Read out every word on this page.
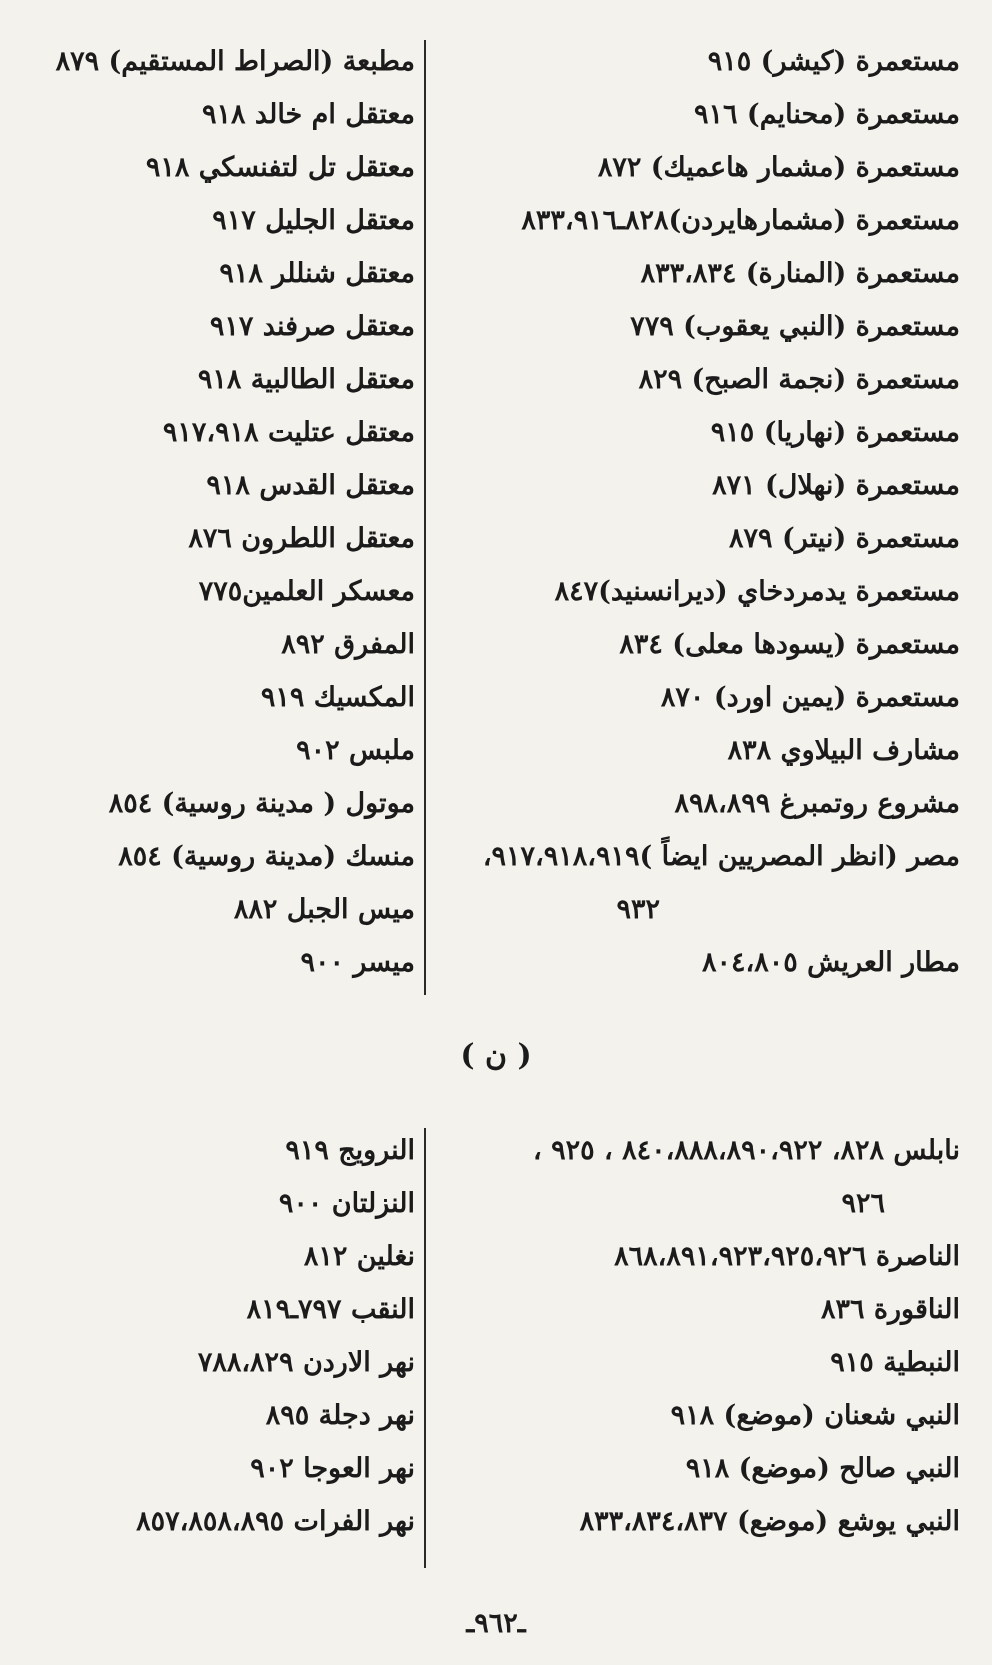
مستعمرة (كيشر) ٩١٥
مستعمرة (محنايم) ٩١٦
مستعمرة (مشمار هاعميك) ٨٧٢
مستعمرة (مشمارهايردن)٨٢٨ـ٨٣٣،٩١٦
مستعمرة (المنارة) ٨٣٣،٨٣٤
مستعمرة (النبي يعقوب) ٧٧٩
مستعمرة (نجمة الصبح) ٨٢٩
مستعمرة (نهاريا) ٩١٥
مستعمرة (نهلال) ٨٧١
مستعمرة (نيتر) ٨٧٩
مستعمرة يدمردخاي (ديرانسنيد)٨٤٧
مستعمرة (يسودها معلى) ٨٣٤
مستعمرة (يمين اورد) ٨٧٠
مشارف البيلاوي ٨٣٨
مشروع روتمبرغ ٨٩٨،٨٩٩
مصر (انظر المصريين ايضاً )٩١٧،٩١٨،٩١٩،
٩٣٢
مطار العريش ٨٠٤،٨٠٥
مطبعة (الصراط المستقيم) ٨٧٩
معتقل ام خالد ٩١٨
معتقل تل لتفنسكي ٩١٨
معتقل الجليل ٩١٧
معتقل شنللر ٩١٨
معتقل صرفند ٩١٧
معتقل الطالبية ٩١٨
معتقل عتليت ٩١٧،٩١٨
معتقل القدس ٩١٨
معتقل اللطرون ٨٧٦
معسكر العلمين٧٧٥
المفرق ٨٩٢
المكسيك ٩١٩
ملبس ٩٠٢
موتول ( مدينة روسية) ٨٥٤
منسك (مدينة روسية) ٨٥٤
ميس الجبل ٨٨٢
ميسر ٩٠٠
( ن )
نابلس ٨٢٨، ٨٤٠،٨٨٨،٨٩٠،٩٢٢ ، ٩٢٥ ،
٩٢٦
الناصرة ٨٦٨،٨٩١،٩٢٣،٩٢٥،٩٢٦
الناقورة ٨٣٦
النبطية ٩١٥
النبي شعنان (موضع) ٩١٨
النبي صالح (موضع) ٩١٨
النبي يوشع (موضع) ٨٣٣،٨٣٤،٨٣٧
النرويج ٩١٩
النزلتان ٩٠٠
نغلين ٨١٢
النقب ٧٩٧ـ٨١٩
نهر الاردن ٧٨٨،٨٢٩
نهر دجلة ٨٩٥
نهر العوجا ٩٠٢
نهر الفرات ٨٥٧،٨٥٨،٨٩٥
ـ٩٦٢ـ
